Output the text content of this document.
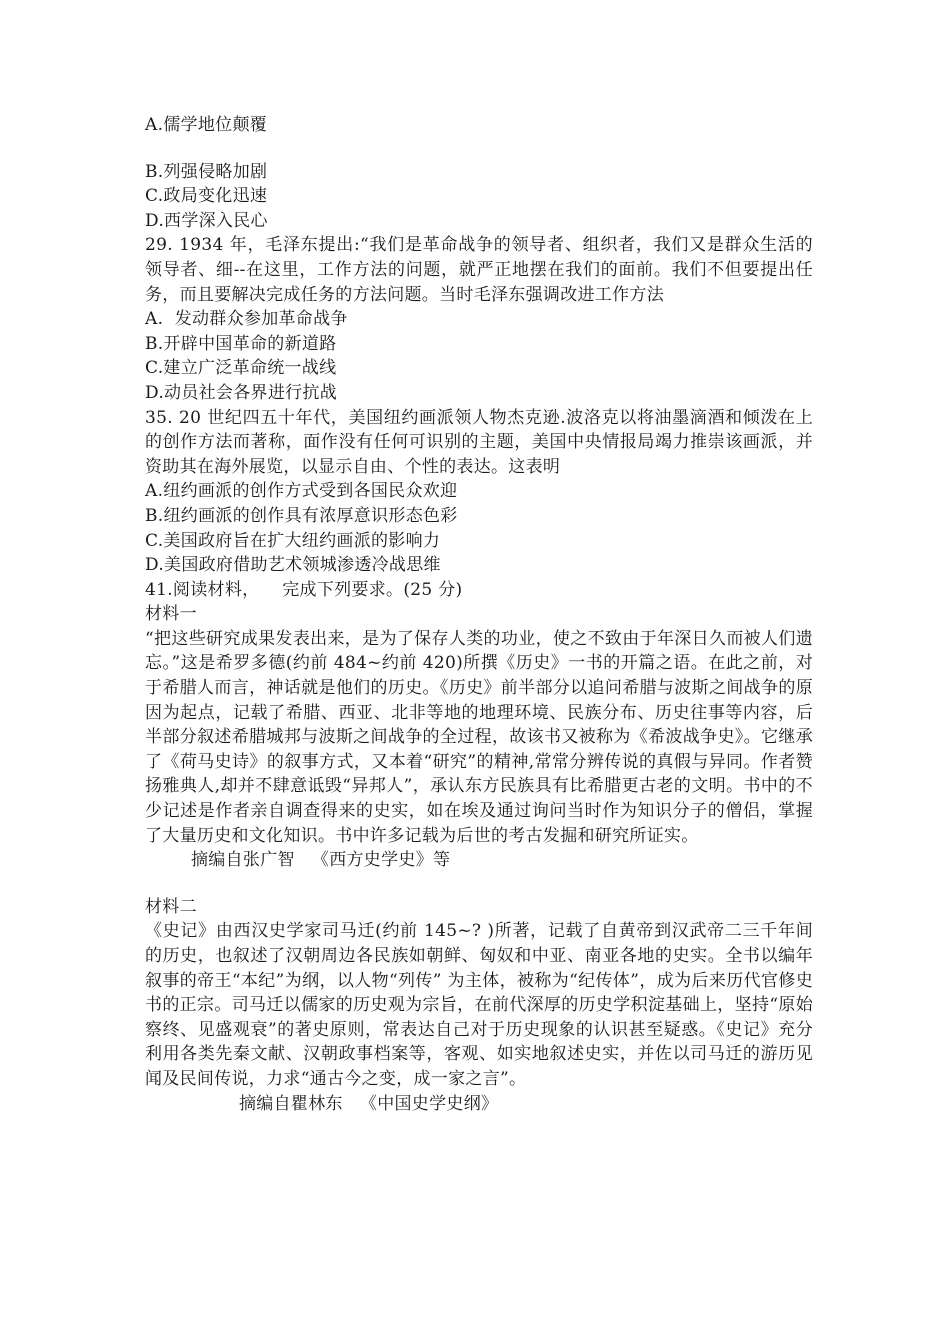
A.儒学地位颠覆
B.列强侵略加剧
C.政局变化迅速
D.西学深入民心
29. 1934 年，毛泽东提出:“我们是革命战争的领导者、组织者，我们又是群众生活的领导者、细--在这里，工作方法的问题，就严正地摆在我们的面前。我们不但要提出任务，而且要解决完成任务的方法问题。当时毛泽东强调改进工作方法
A.  发动群众参加革命战争
B.开辟中国革命的新道路
C.建立广泛革命统一战线
D.动员社会各界进行抗战
35. 20 世纪四五十年代，美国纽约画派领人物杰克逊.波洛克以将油墨滴酒和倾泼在上的创作方法而著称，面作没有任何可识别的主题，美国中央情报局竭力推崇该画派，并资助其在海外展览，以显示自由、个性的表达。这表明
A.纽约画派的创作方式受到各国民众欢迎
B.纽约画派的创作具有浓厚意识形态色彩
C.美国政府旨在扩大纽约画派的影响力
D.美国政府借助艺术领城渗透冷战思维
41.阅读材料，    完成下列要求。(25 分)
材料一
“把这些研究成果发表出来，是为了保存人类的功业，使之不致由于年深日久而被人们遗忘。”这是希罗多德(约前 484~约前 420)所撰《历史》一书的开篇之语。在此之前，对于希腊人而言，神话就是他们的历史。《历史》前半部分以追问希腊与波斯之间战争的原因为起点，记载了希腊、西亚、北非等地的地理环境、民族分布、历史往事等内容，后半部分叙述希腊城邦与波斯之间战争的全过程，故该书又被称为《希波战争史》。它继承了《荷马史诗》的叙事方式，又本着“研究”的精神,常常分辨传说的真假与异同。作者赞扬雅典人,却并不肆意诋毁“异邦人”，承认东方民族具有比希腊更古老的文明。书中的不少记述是作者亲自调查得来的史实，如在埃及通过询问当时作为知识分子的僧侣，掌握了大量历史和文化知识。书中许多记载为后世的考古发掘和研究所证实。
摘编自张广智   《西方史学史》等
材料二
《史记》由西汉史学家司马迁(约前 145~? )所著，记载了自黄帝到汉武帝二三千年间的历史，也叙述了汉朝周边各民族如朝鲜、匈奴和中亚、南亚各地的史实。全书以编年叙事的帝王“本纪”为纲，以人物“列传” 为主体，被称为“纪传体”，成为后来历代官修史书的正宗。司马迁以儒家的历史观为宗旨，在前代深厚的历史学积淀基础上，坚持“原始察终、见盛观衰”的著史原则，常表达自己对于历史现象的认识甚至疑惑。《史记》充分利用各类先秦文献、汉朝政事档案等，客观、如实地叙述史实，并佐以司马迁的游历见闻及民间传说，力求“通古今之变，成一家之言”。
摘编自瞿林东   《中国史学史纲》
